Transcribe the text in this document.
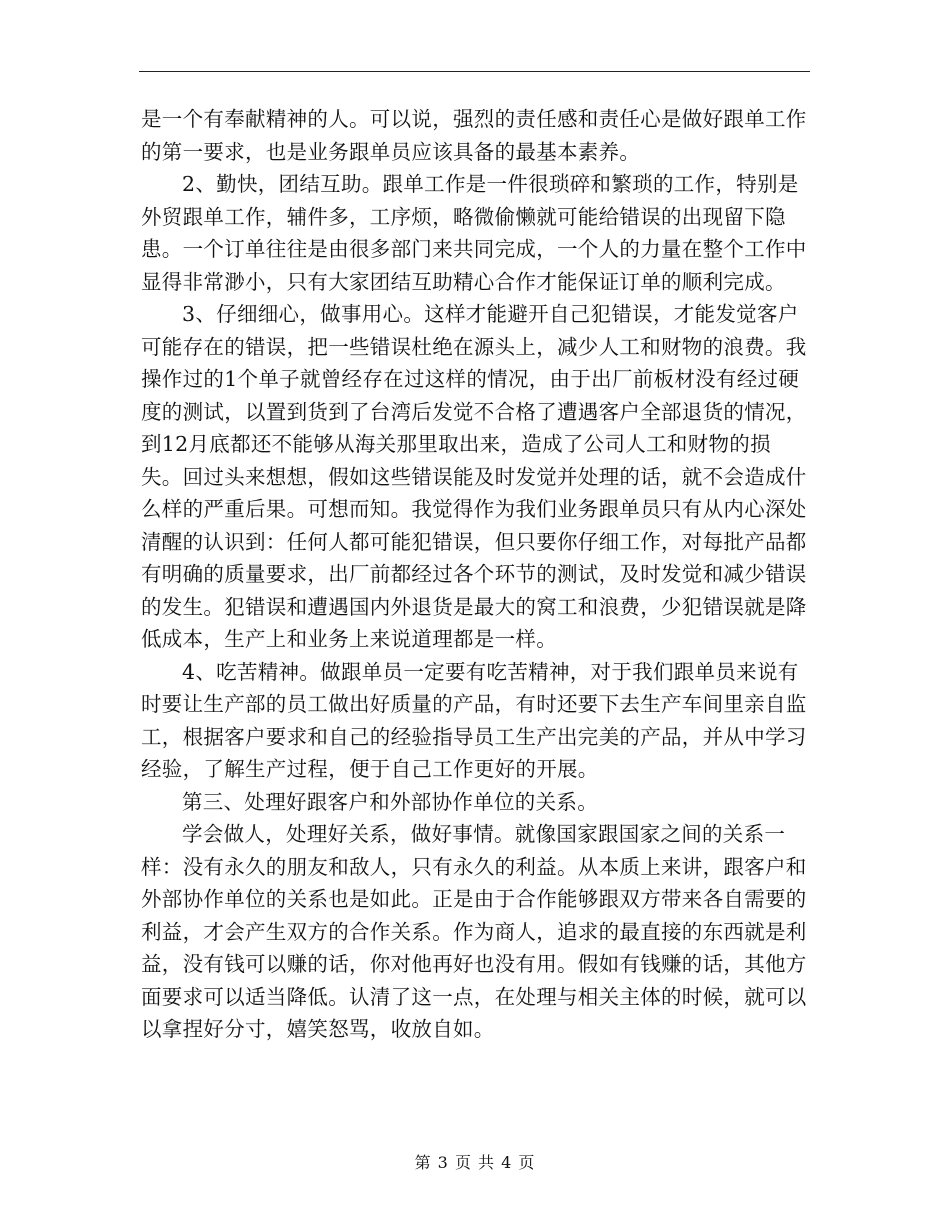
是一个有奉献精神的人。可以说，强烈的责任感和责任心是做好跟单工作的第一要求，也是业务跟单员应该具备的最基本素养。

2、勤快，团结互助。跟单工作是一件很琐碎和繁琐的工作，特别是外贸跟单工作，辅件多，工序烦，略微偷懒就可能给错误的出现留下隐患。一个订单往往是由很多部门来共同完成，一个人的力量在整个工作中显得非常渺小，只有大家团结互助精心合作才能保证订单的顺利完成。

3、仔细细心，做事用心。这样才能避开自己犯错误，才能发觉客户可能存在的错误，把一些错误杜绝在源头上，减少人工和财物的浪费。我操作过的1个单子就曾经存在过这样的情况，由于出厂前板材没有经过硬度的测试，以置到货到了台湾后发觉不合格了遭遇客户全部退货的情况，到12月底都还不能够从海关那里取出来，造成了公司人工和财物的损失。回过头来想想，假如这些错误能及时发觉并处理的话，就不会造成什么样的严重后果。可想而知。我觉得作为我们业务跟单员只有从内心深处清醒的认识到：任何人都可能犯错误，但只要你仔细工作，对每批产品都有明确的质量要求，出厂前都经过各个环节的测试，及时发觉和减少错误的发生。犯错误和遭遇国内外退货是最大的窝工和浪费，少犯错误就是降低成本，生产上和业务上来说道理都是一样。

4、吃苦精神。做跟单员一定要有吃苦精神，对于我们跟单员来说有时要让生产部的员工做出好质量的产品，有时还要下去生产车间里亲自监工，根据客户要求和自己的经验指导员工生产出完美的产品，并从中学习经验，了解生产过程，便于自己工作更好的开展。

第三、处理好跟客户和外部协作单位的关系。

学会做人，处理好关系，做好事情。就像国家跟国家之间的关系一样：没有永久的朋友和敌人，只有永久的利益。从本质上来讲，跟客户和外部协作单位的关系也是如此。正是由于合作能够跟双方带来各自需要的利益，才会产生双方的合作关系。作为商人，追求的最直接的东西就是利益，没有钱可以赚的话，你对他再好也没有用。假如有钱赚的话，其他方面要求可以适当降低。认清了这一点，在处理与相关主体的时候，就可以以拿捏好分寸，嬉笑怒骂，收放自如。

第 3 页 共 4 页
